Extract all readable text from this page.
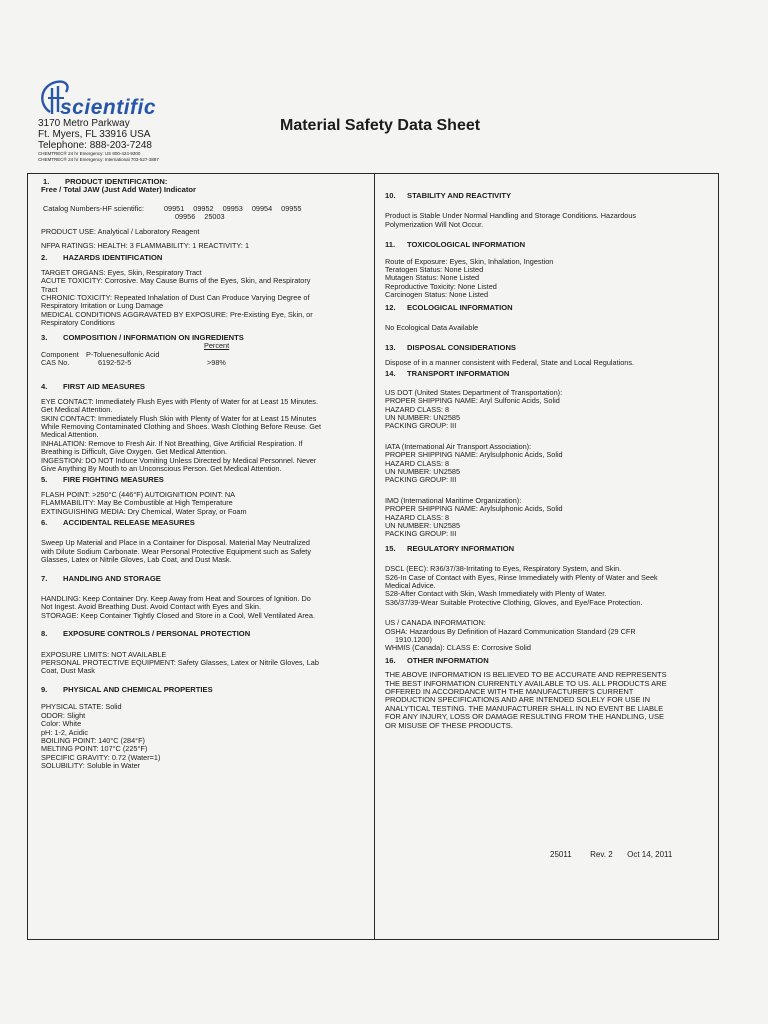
scientific
3170 Metro Parkway
Ft. Myers, FL 33916 USA
Telephone: 888-203-7248
CHEMTREC® 24 hr Emergency: US 800-424-9300
CHEMTREC® 24 hr Emergency: International 703-527-3887
Material Safety Data Sheet
1.	PRODUCT IDENTIFICATION:
Free / Total JAW (Just Add Water) Indicator
Catalog Numbers-HF scientific:	09951 09952 09953 09954 09955
09956 25003
PRODUCT USE: Analytical / Laboratory Reagent
NFPA RATINGS: HEALTH: 3 FLAMMABILITY: 1 REACTIVITY: 1
2.	HAZARDS IDENTIFICATION
TARGET ORGANS: Eyes, Skin, Respiratory Tract
ACUTE TOXICITY: Corrosive. May Cause Burns of the Eyes, Skin, and Respiratory
Tract
CHRONIC TOXICITY: Repeated Inhalation of Dust Can Produce Varying Degree of
Respiratory Irritation or Lung Damage
MEDICAL CONDITIONS AGGRAVATED BY EXPOSURE: Pre-Existing Eye, Skin, or
Respiratory Conditions
3.	COMPOSITION / INFORMATION ON INGREDIENTS
Percent
Component P-Toluenesulfonic Acid
CAS No.	6192-52-5	>98%
4.	FIRST AID MEASURES
EYE CONTACT: Immediately Flush Eyes with Plenty of Water for at Least 15 Minutes.
Get Medical Attention.
SKIN CONTACT: Immediately Flush Skin with Plenty of Water for at Least 15 Minutes
While Removing Contaminated Clothing and Shoes. Wash Clothing Before Reuse. Get
Medical Attention.
INHALATION: Remove to Fresh Air. If Not Breathing, Give Artificial Respiration. If
Breathing is Difficult, Give Oxygen. Get Medical Attention.
INGESTION: DO NOT Induce Vomiting Unless Directed by Medical Personnel. Never
Give Anything By Mouth to an Unconscious Person. Get Medical Attention.
5.	FIRE FIGHTING MEASURES
FLASH POINT: >250°C (446°F) AUTOIGNITION POINT: NA
FLAMMABILITY: May Be Combustible at High Temperature
EXTINGUISHING MEDIA: Dry Chemical, Water Spray, or Foam
6.	ACCIDENTAL RELEASE MEASURES
Sweep Up Material and Place in a Container for Disposal. Material May Neutralized
with Dilute Sodium Carbonate. Wear Personal Protective Equipment such as Safety
Glasses, Latex or Nitrile Gloves, Lab Coat, and Dust Mask.
7.	HANDLING AND STORAGE
HANDLING: Keep Container Dry. Keep Away from Heat and Sources of Ignition. Do
Not Ingest. Avoid Breathing Dust. Avoid Contact with Eyes and Skin.
STORAGE: Keep Container Tightly Closed and Store in a Cool, Well Ventilated Area.
8.	EXPOSURE CONTROLS / PERSONAL PROTECTION
EXPOSURE LIMITS: NOT AVAILABLE
PERSONAL PROTECTIVE EQUIPMENT: Safety Glasses, Latex or Nitrile Gloves, Lab
Coat, Dust Mask
9.	PHYSICAL AND CHEMICAL PROPERTIES
PHYSICAL STATE: Solid
ODOR: Slight
Color: White
pH: 1-2, Acidic
BOILING POINT: 140°C (284°F)
MELTING POINT: 107°C (225°F)
SPECIFIC GRAVITY: 0.72 (Water=1)
SOLUBILITY: Soluble in Water
10.	STABILITY AND REACTIVITY
Product is Stable Under Normal Handling and Storage Conditions. Hazardous
Polymerization Will Not Occur.
11.	TOXICOLOGICAL INFORMATION
Route of Exposure: Eyes, Skin, Inhalation, Ingestion
Teratogen Status: None Listed
Mutagen Status: None Listed
Reproductive Toxicity: None Listed
Carcinogen Status: None Listed
12.	ECOLOGICAL INFORMATION
No Ecological Data Available
13.	DISPOSAL CONSIDERATIONS
Dispose of in a manner consistent with Federal, State and Local Regulations.
14.	TRANSPORT INFORMATION
US DOT (United States Department of Transportation):
PROPER SHIPPING NAME: Aryl Sulfonic Acids, Solid
HAZARD CLASS: 8
UN NUMBER: UN2585
PACKING GROUP: III
IATA (International Air Transport Association):
PROPER SHIPPING NAME: Arylsulphonic Acids, Solid
HAZARD CLASS: 8
UN NUMBER: UN2585
PACKING GROUP: III
IMO (International Maritime Organization):
PROPER SHIPPING NAME: Arylsulphonic Acids, Solid
HAZARD CLASS: 8
UN NUMBER: UN2585
PACKING GROUP: III
15.	REGULATORY INFORMATION
DSCL (EEC): R36/37/38-Irritating to Eyes, Respiratory System, and Skin.
S26-In Case of Contact with Eyes, Rinse Immediately with Plenty of Water and Seek
Medical Advice.
S28-After Contact with Skin, Wash Immediately with Plenty of Water.
S36/37/39-Wear Suitable Protective Clothing, Gloves, and Eye/Face Protection.
US / CANADA INFORMATION:
OSHA: Hazardous By Definition of Hazard Communication Standard (29 CFR
1910.1200)
WHMIS (Canada): CLASS E: Corrosive Solid
16.	OTHER INFORMATION
THE ABOVE INFORMATION IS BELIEVED TO BE ACCURATE AND REPRESENTS
THE BEST INFORMATION CURRENTLY AVAILABLE TO US. ALL PRODUCTS ARE
OFFERED IN ACCORDANCE WITH THE MANUFACTURER'S CURRENT
PRODUCTION SPECIFICATIONS AND ARE INTENDED SOLELY FOR USE IN
ANALYTICAL TESTING. THE MANUFACTURER SHALL IN NO EVENT BE LIABLE
FOR ANY INJURY, LOSS OR DAMAGE RESULTING FROM THE HANDLING, USE
OR MISUSE OF THESE PRODUCTS.
25011 Rev. 2 Oct 14, 2011
